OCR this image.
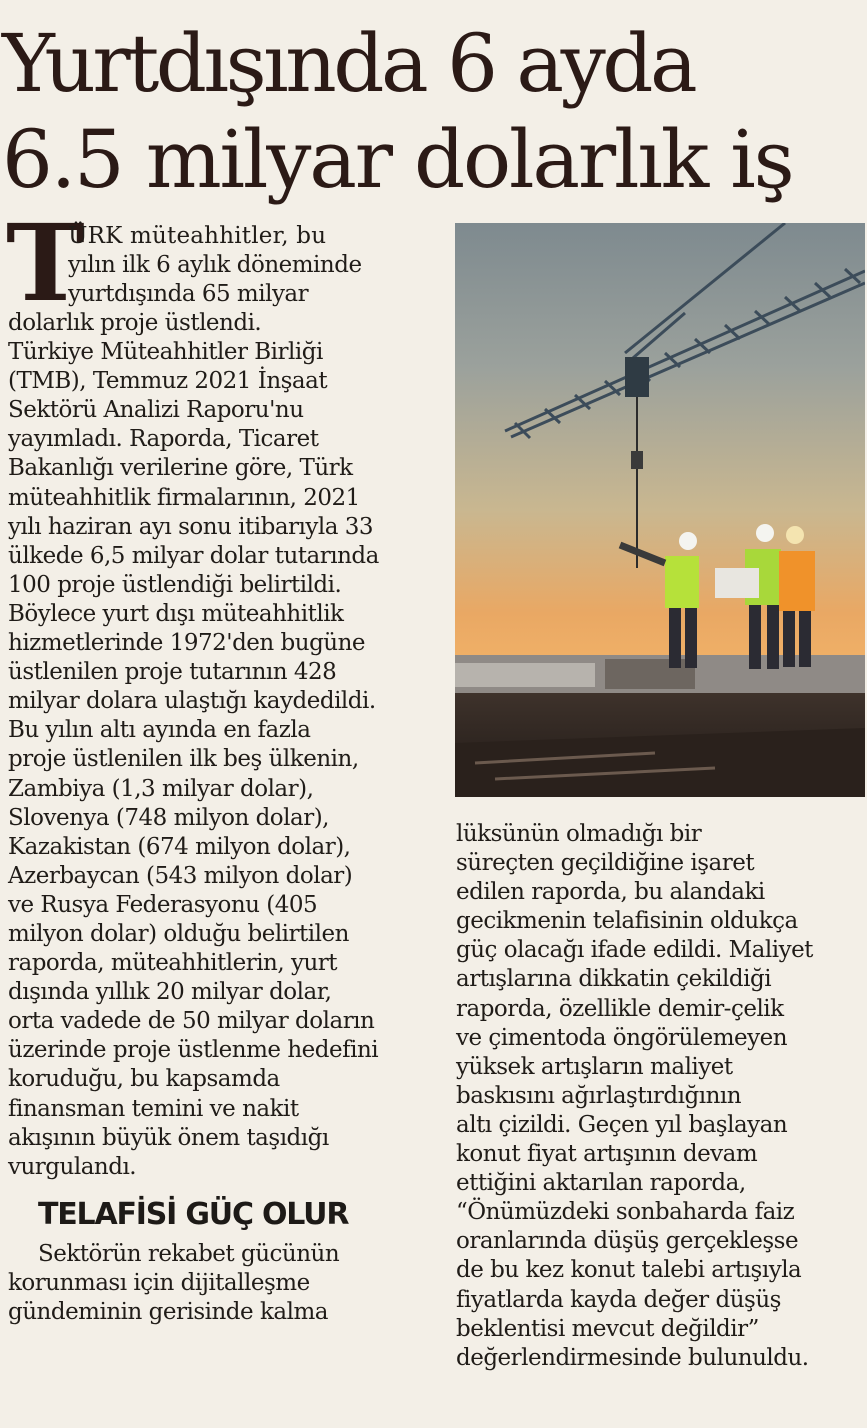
Yurtdışında 6 ayda
6.5 milyar dolarlık iş
T
ÜRK müteahhitler, bu
yılın ilk 6 aylık döneminde
yurtdışında 65 milyar
dolarlık proje üstlendi.
Türkiye Müteahhitler Birliği
(TMB), Temmuz 2021 İnşaat
Sektörü Analizi Raporu'nu
yayımladı. Raporda, Ticaret
Bakanlığı verilerine göre, Türk
müteahhitlik firmalarının, 2021
yılı haziran ayı sonu itibarıyla 33
ülkede 6,5 milyar dolar tutarında
100 proje üstlendiği belirtildi.
Böylece yurt dışı müteahhitlik
hizmetlerinde 1972'den bugüne
üstlenilen proje tutarının 428
milyar dolara ulaştığı kaydedildi.
Bu yılın altı ayında en fazla
proje üstlenilen ilk beş ülkenin,
Zambiya (1,3 milyar dolar),
Slovenya (748 milyon dolar),
Kazakistan (674 milyon dolar),
Azerbaycan (543 milyon dolar)
ve Rusya Federasyonu (405
milyon dolar) olduğu belirtilen
raporda, müteahhitlerin, yurt
dışında yıllık 20 milyar dolar,
orta vadede de 50 milyar doların
üzerinde proje üstlenme hedefini
koruduğu, bu kapsamda
finansman temini ve nakit
akışının büyük önem taşıdığı
vurgulandı.
TELAFİSİ GÜÇ OLUR
Sektörün rekabet gücünün
korunması için dijitalleşme
gündeminin gerisinde kalma
lüksünün olmadığı bir
süreçten geçildiğine işaret
edilen raporda, bu alandaki
gecikmenin telafisinin oldukça
güç olacağı ifade edildi. Maliyet
artışlarına dikkatin çekildiği
raporda, özellikle demir-çelik
ve çimentoda öngörülemeyen
yüksek artışların maliyet
baskısını ağırlaştırdığının
altı çizildi. Geçen yıl başlayan
konut fiyat artışının devam
ettiğini aktarılan raporda,
“Önümüzdeki sonbaharda faiz
oranlarında düşüş gerçekleşse
de bu kez konut talebi artışıyla
fiyatlarda kayda değer düşüş
beklentisi mevcut değildir”
değerlendirmesinde bulunuldu.
